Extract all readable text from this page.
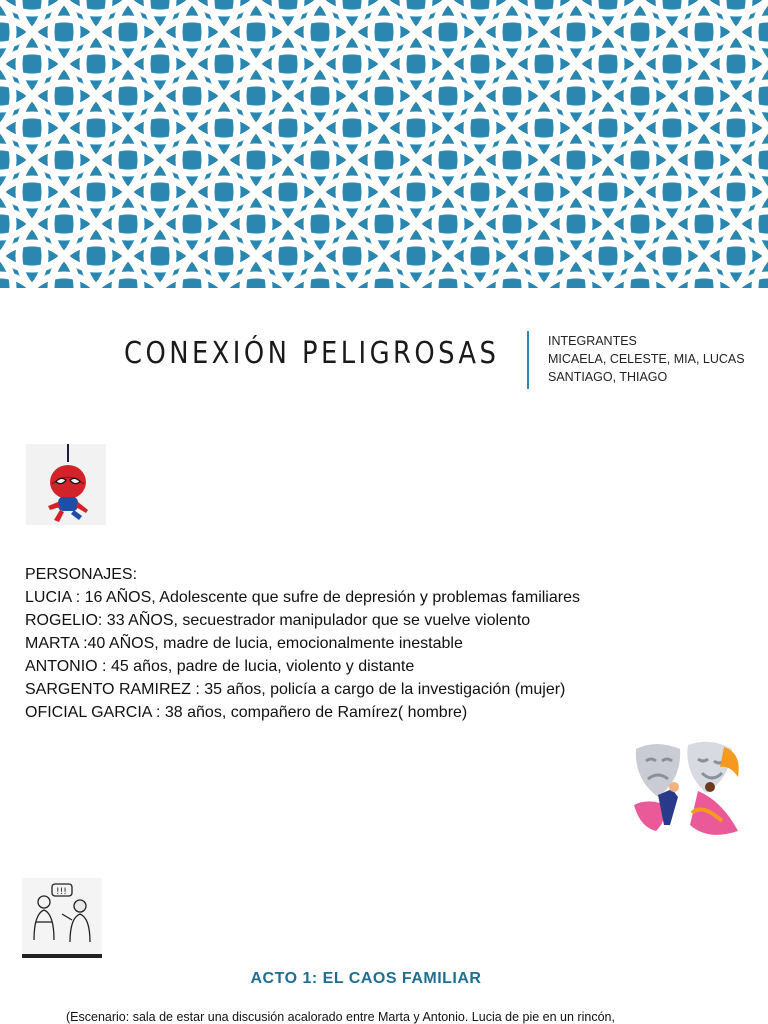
CONEXIÓN PELIGROSAS	INTEGRANTES
MICAELA, CELESTE, MIA, LUCAS
SANTIAGO, THIAGO
PERSONAJES:
LUCIA : 16 AÑOS, Adolescente que sufre de depresión y problemas familiares
ROGELIO: 33 AÑOS, secuestrador manipulador que se vuelve violento
MARTA :40 AÑOS, madre de lucia, emocionalmente inestable
ANTONIO : 45 años, padre de lucia, violento y distante
SARGENTO RAMIREZ : 35 años, policía a cargo de la investigación (mujer)
OFICIAL GARCIA : 38 años, compañero de Ramírez( hombre)
!!!
ACTO 1: EL CAOS FAMILIAR
(Escenario: sala de estar una discusión acalorado entre Marta y Antonio. Lucia de pie en un rincón,
